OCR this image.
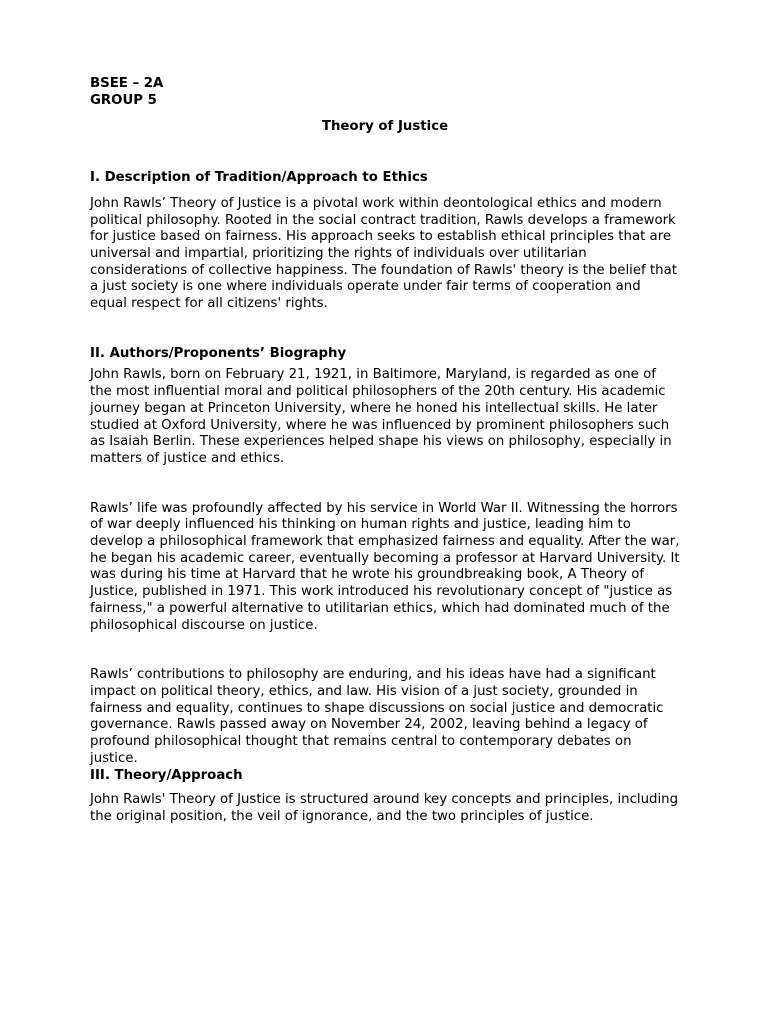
BSEE – 2A

GROUP 5

Theory of Justice

I. Description of Tradition/Approach to Ethics

John Rawls’ Theory of Justice is a pivotal work within deontological ethics and modern political philosophy. Rooted in the social contract tradition, Rawls develops a framework for justice based on fairness. His approach seeks to establish ethical principles that are universal and impartial, prioritizing the rights of individuals over utilitarian considerations of collective happiness. The foundation of Rawls' theory is the belief that a just society is one where individuals operate under fair terms of cooperation and equal respect for all citizens' rights.

II. Authors/Proponents’ Biography

John Rawls, born on February 21, 1921, in Baltimore, Maryland, is regarded as one of the most influential moral and political philosophers of the 20th century. His academic journey began at Princeton University, where he honed his intellectual skills. He later studied at Oxford University, where he was influenced by prominent philosophers such as Isaiah Berlin. These experiences helped shape his views on philosophy, especially in matters of justice and ethics.

Rawls’ life was profoundly affected by his service in World War II. Witnessing the horrors of war deeply influenced his thinking on human rights and justice, leading him to develop a philosophical framework that emphasized fairness and equality. After the war, he began his academic career, eventually becoming a professor at Harvard University. It was during his time at Harvard that he wrote his groundbreaking book, A Theory of Justice, published in 1971. This work introduced his revolutionary concept of "justice as fairness," a powerful alternative to utilitarian ethics, which had dominated much of the philosophical discourse on justice.

Rawls’ contributions to philosophy are enduring, and his ideas have had a significant impact on political theory, ethics, and law. His vision of a just society, grounded in fairness and equality, continues to shape discussions on social justice and democratic governance. Rawls passed away on November 24, 2002, leaving behind a legacy of profound philosophical thought that remains central to contemporary debates on justice.

III. Theory/Approach

John Rawls' Theory of Justice is structured around key concepts and principles, including the original position, the veil of ignorance, and the two principles of justice.
